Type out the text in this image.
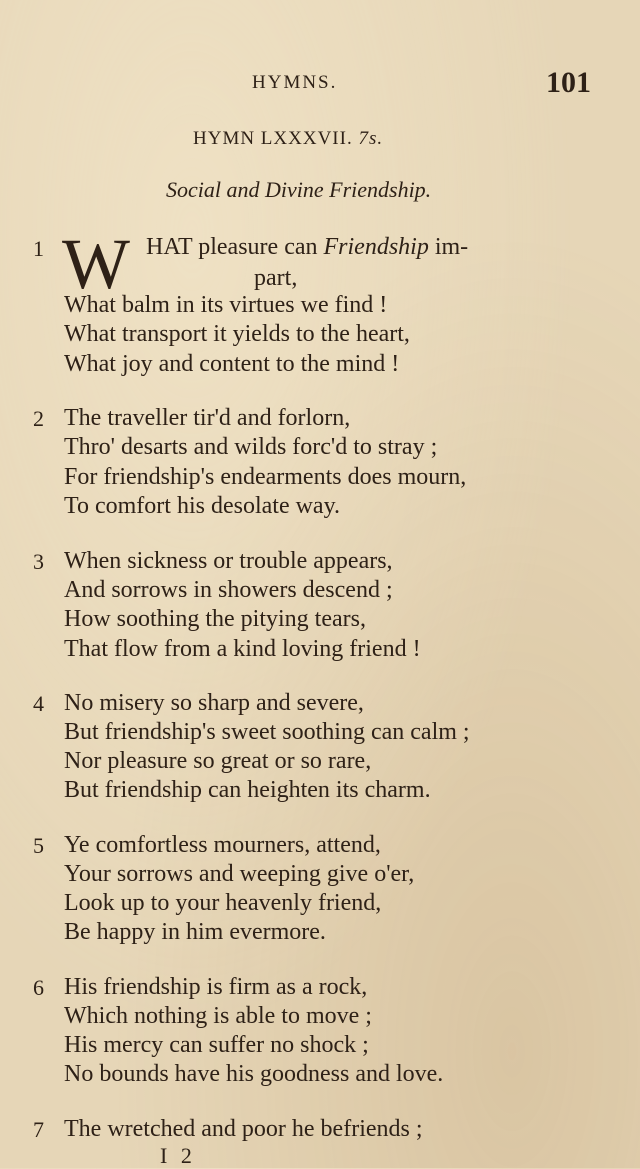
HYMNS.	101
HYMN LXXXVII. 7s.
Social and Divine Friendship.
1 W HAT pleasure can Friendship im-
part,
What balm in its virtues we find !
What transport it yields to the heart,
What joy and content to the mind !
2 The traveller tir'd and forlorn,
Thro' desarts and wilds forc'd to stray ;
For friendship's endearments does mourn,
To comfort his desolate way.
3 When sickness or trouble appears,
And sorrows in showers descend ;
How soothing the pitying tears,
That flow from a kind loving friend !
4 No misery so sharp and severe,
But friendship's sweet soothing can calm ;
Nor pleasure so great or so rare,
But friendship can heighten its charm.
5 Ye comfortless mourners, attend,
Your sorrows and weeping give o'er,
Look up to your heavenly friend,
Be happy in him evermore.
6 His friendship is firm as a rock,
Which nothing is able to move ;
His mercy can suffer no shock ;
No bounds have his goodness and love.
7 The wretched and poor he befriends ;
I 2
